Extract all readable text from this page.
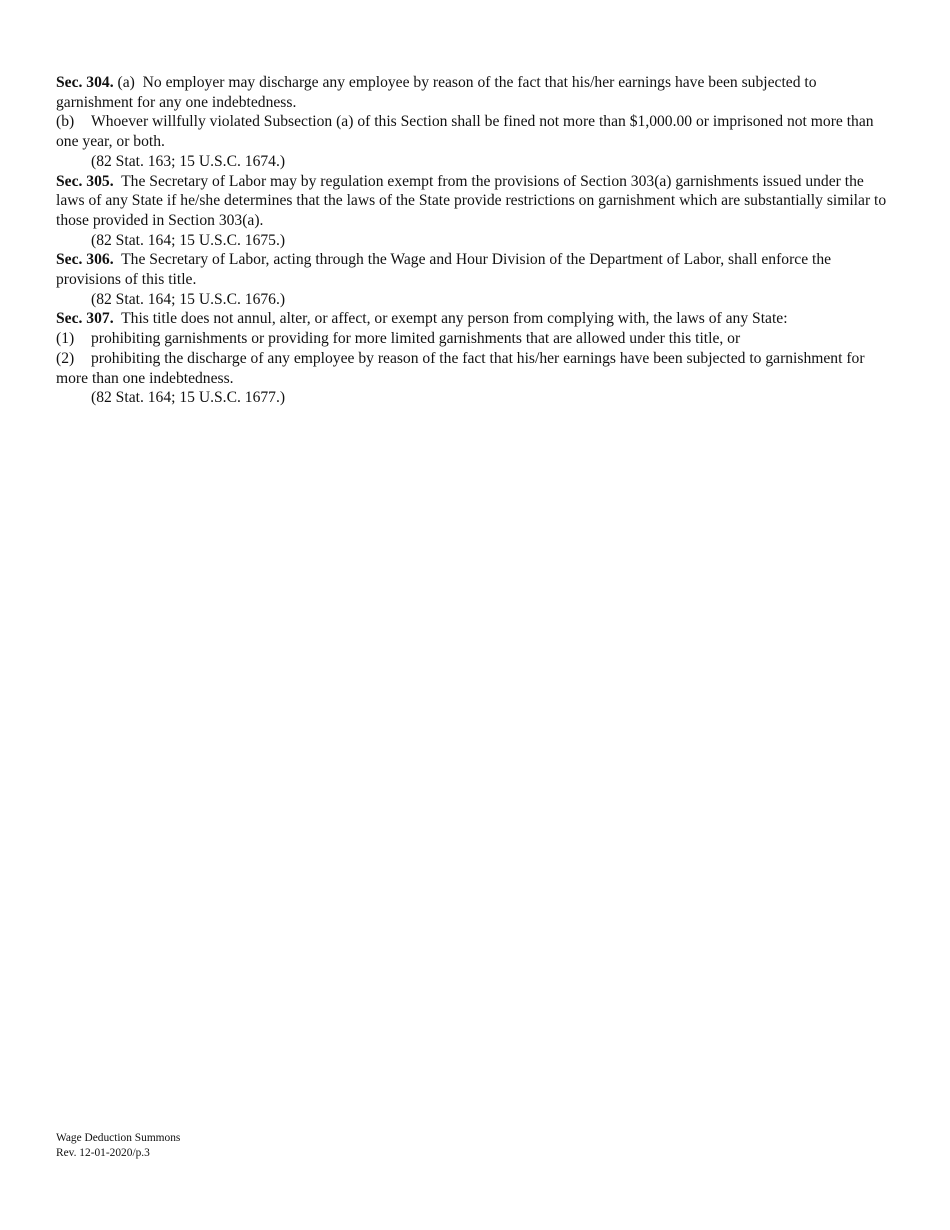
Sec. 304. (a) No employer may discharge any employee by reason of the fact that his/her earnings have been subjected to garnishment for any one indebtedness.

(b) Whoever willfully violated Subsection (a) of this Section shall be fined not more than $1,000.00 or imprisoned not more than one year, or both.

(82 Stat. 163; 15 U.S.C. 1674.)

Sec. 305. The Secretary of Labor may by regulation exempt from the provisions of Section 303(a) garnishments issued under the laws of any State if he/she determines that the laws of the State provide restrictions on garnishment which are substantially similar to those provided in Section 303(a).

(82 Stat. 164; 15 U.S.C. 1675.)

Sec. 306. The Secretary of Labor, acting through the Wage and Hour Division of the Department of Labor, shall enforce the provisions of this title.

(82 Stat. 164; 15 U.S.C. 1676.)

Sec. 307. This title does not annul, alter, or affect, or exempt any person from complying with, the laws of any State:

(1) prohibiting garnishments or providing for more limited garnishments that are allowed under this title, or

(2) prohibiting the discharge of any employee by reason of the fact that his/her earnings have been subjected to garnishment for more than one indebtedness.

(82 Stat. 164; 15 U.S.C. 1677.)

Wage Deduction Summons
Rev. 12-01-2020/p.3
